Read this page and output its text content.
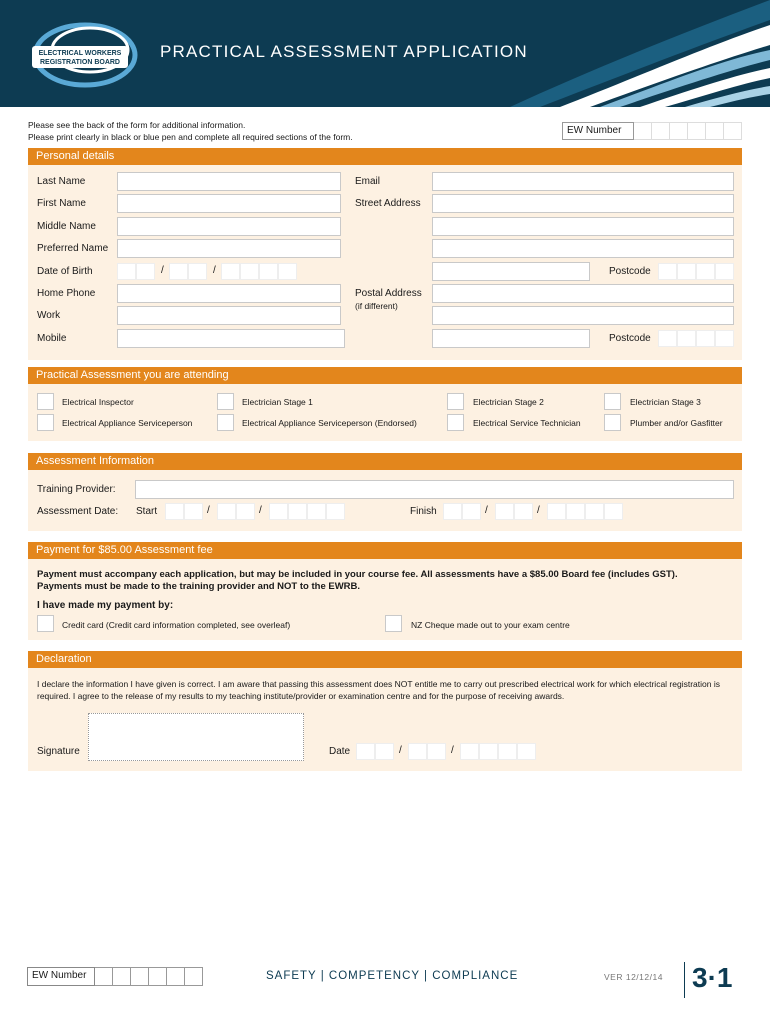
ELECTRICAL WORKERS
REGISTRATION BOARD
PRACTICAL ASSESSMENT APPLICATION
Please see the back of the form for additional information.
Please print clearly in black or blue pen and complete all required sections of the form.
EW Number
Personal details
Last Name
First Name
Middle Name
Preferred Name
Date of Birth	/	/
Home Phone
Work
Mobile
Email
Street Address
Postcode
Postal Address
(if different)
Postcode
Practical Assessment you are attending
Electrical Inspector	Electrician Stage 1	Electrician Stage 2	Electrician Stage 3
Electrical Appliance Serviceperson	Electrical Appliance Serviceperson (Endorsed)	Electrical Service Technician	Plumber and/or Gasfitter
Assessment Information
Training Provider:
Assessment Date: Start	/	/	Finish	/	/
Payment for $85.00 Assessment fee
Payment must accompany each application, but may be included in your course fee. All assessments have a $85.00 Board fee (includes GST).
Payments must be made to the training provider and NOT to the EWRB.
I have made my payment by:
Credit card (Credit card information completed, see overleaf)	NZ Cheque made out to your exam centre
Declaration
I declare the information I have given is correct. I am aware that passing this assessment does NOT entitle me to carry out prescribed electrical work for which electrical registration is required. I agree to the release of my results to my teaching institute/provider or examination centre and for the purpose of receiving awards.
Signature	Date	/	/
EW Number	SAFETY | COMPETENCY | COMPLIANCE	VER 12/12/14 3·1
